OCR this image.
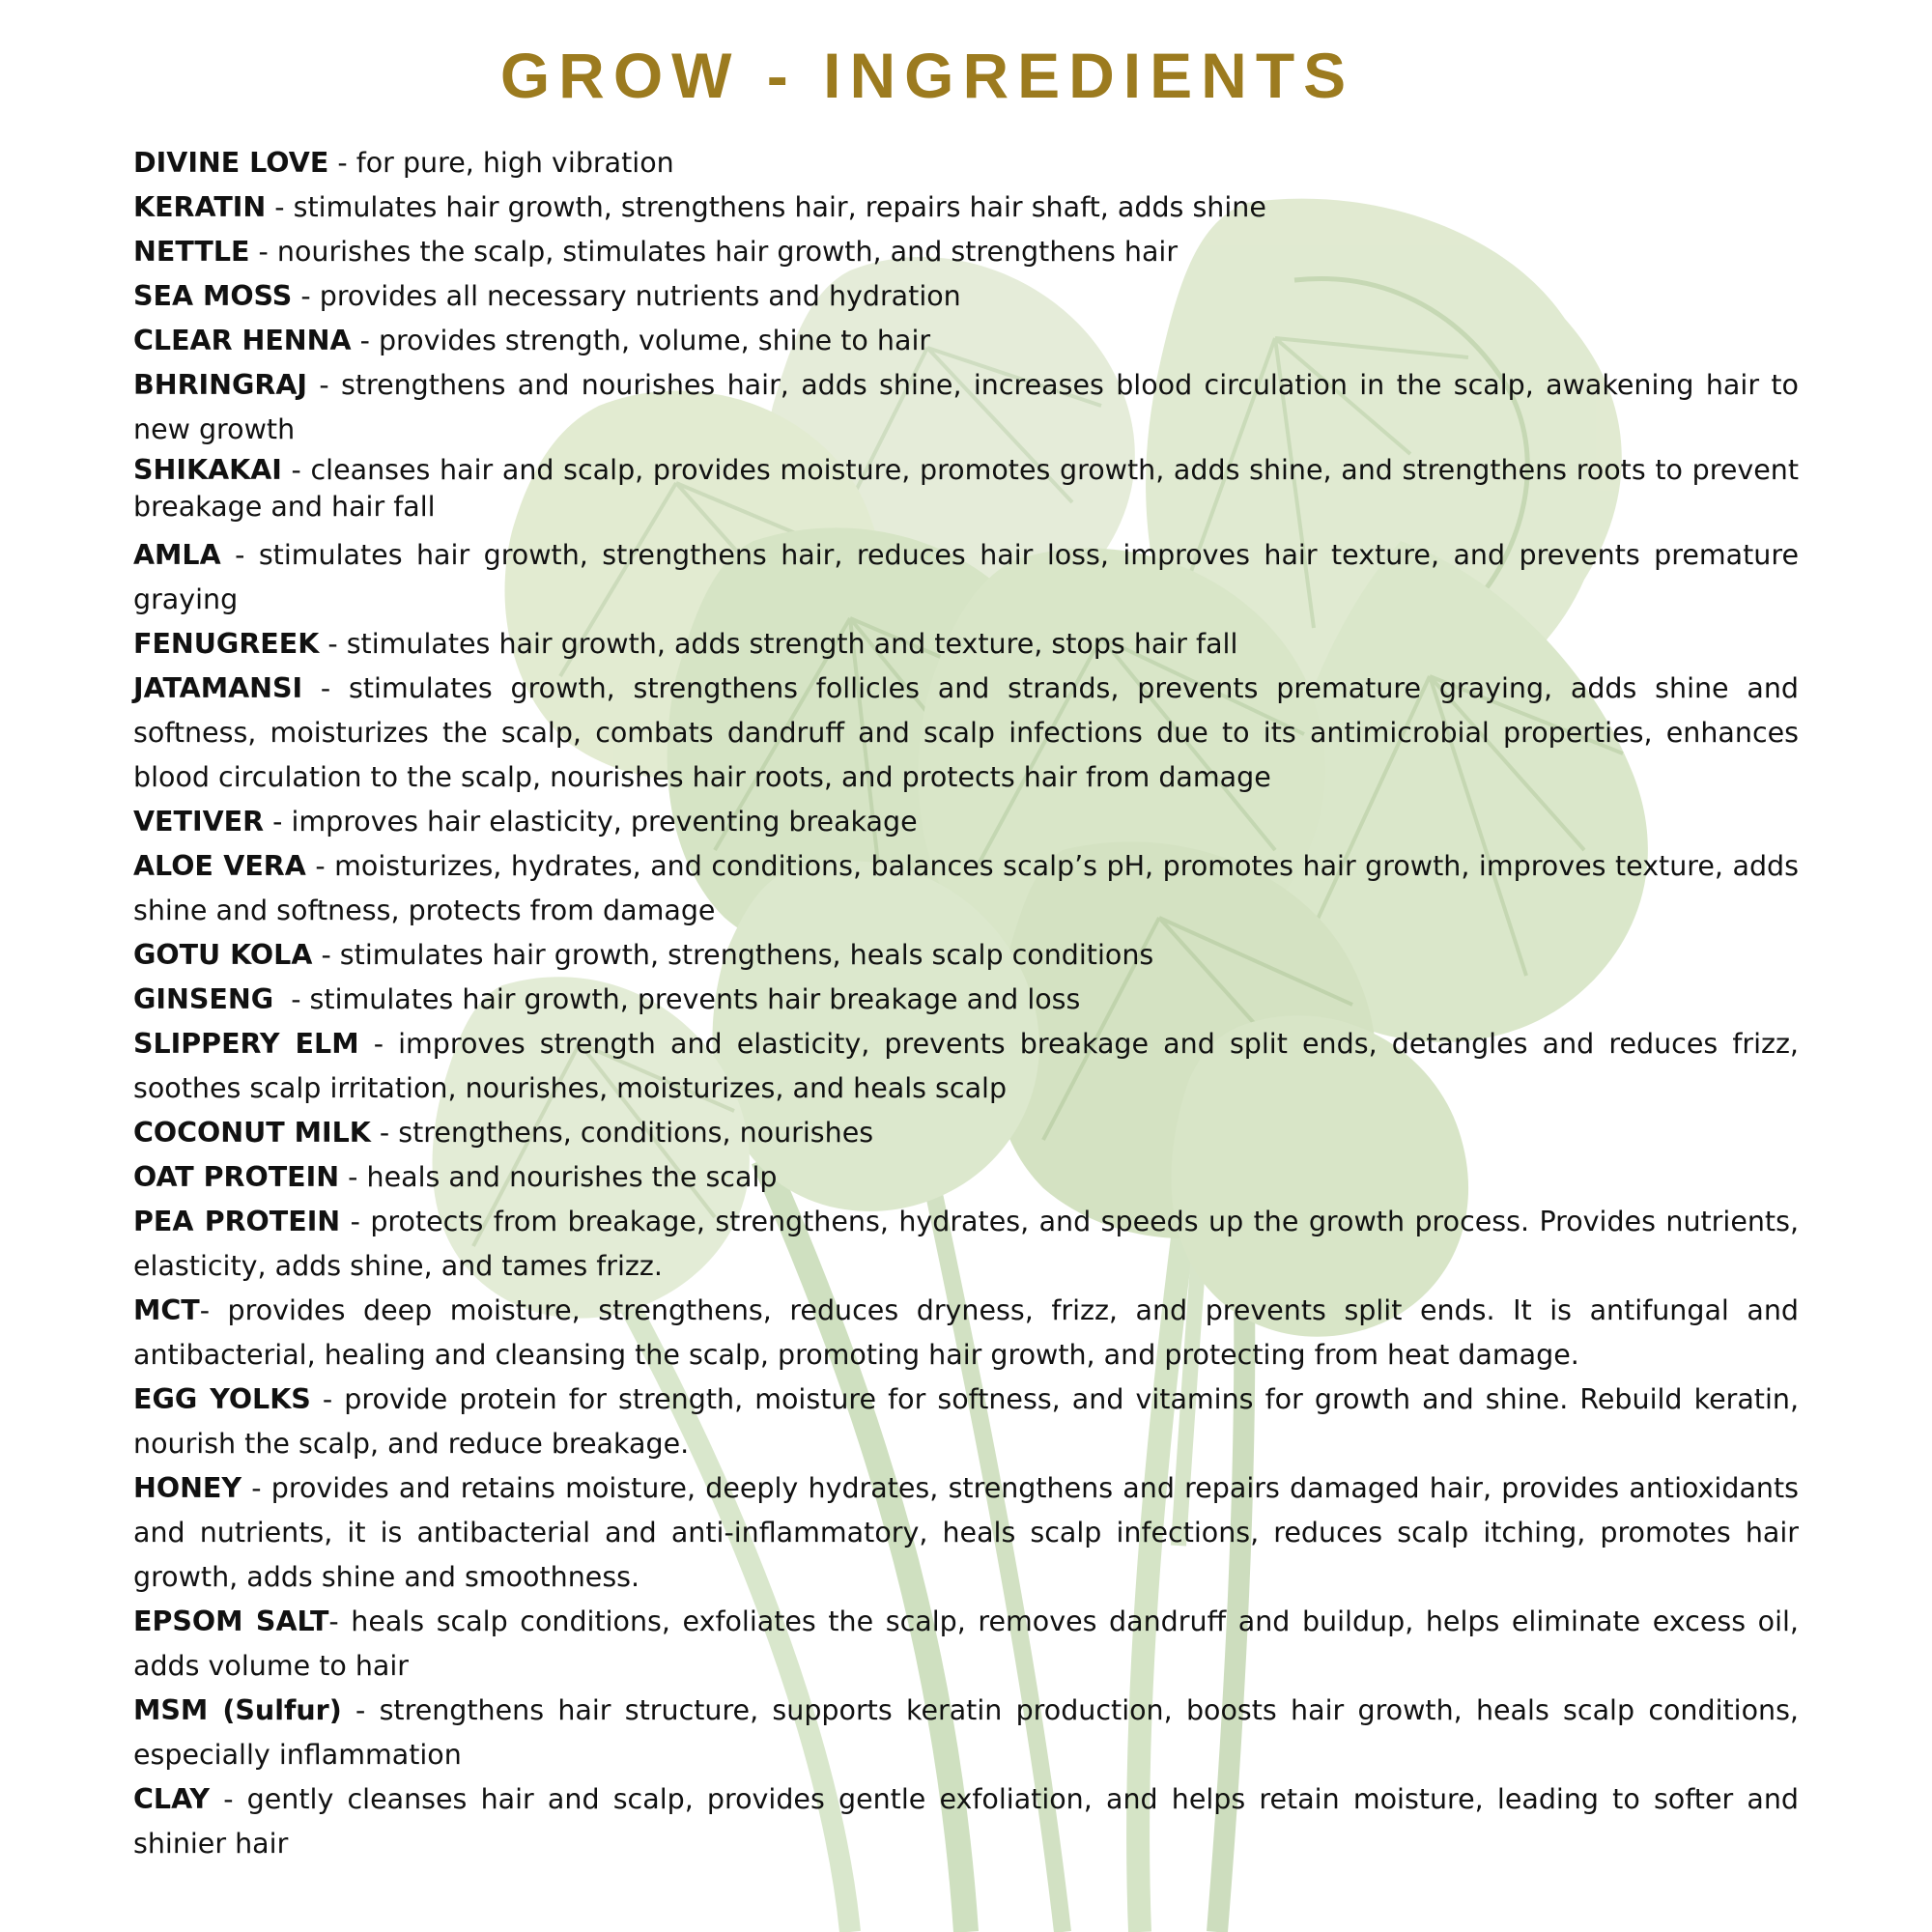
GROW - INGREDIENTS

DIVINE LOVE - for pure, high vibration

KERATIN - stimulates hair growth, strengthens hair, repairs hair shaft, adds shine

NETTLE - nourishes the scalp, stimulates hair growth, and strengthens hair

SEA MOSS - provides all necessary nutrients and hydration

CLEAR HENNA - provides strength, volume, shine to hair

BHRINGRAJ - strengthens and nourishes hair, adds shine, increases blood circulation in the scalp, awakening hair to new growth

SHIKAKAI - cleanses hair and scalp, provides moisture, promotes growth, adds shine, and strengthens roots to prevent breakage and hair fall

AMLA - stimulates hair growth, strengthens hair, reduces hair loss, improves hair texture, and prevents premature graying

FENUGREEK - stimulates hair growth, adds strength and texture, stops hair fall

JATAMANSI - stimulates growth, strengthens follicles and strands, prevents premature graying, adds shine and softness, moisturizes the scalp, combats dandruff and scalp infections due to its antimicrobial properties, enhances blood circulation to the scalp, nourishes hair roots, and protects hair from damage

VETIVER - improves hair elasticity, preventing breakage

ALOE VERA - moisturizes, hydrates, and conditions, balances scalp’s pH, promotes hair growth, improves texture, adds shine and softness, protects from damage

GOTU KOLA - stimulates hair growth, strengthens, heals scalp conditions

GINSENG  - stimulates hair growth, prevents hair breakage and loss

SLIPPERY ELM - improves strength and elasticity, prevents breakage and split ends, detangles and reduces frizz, soothes scalp irritation, nourishes, moisturizes, and heals scalp

COCONUT MILK - strengthens, conditions, nourishes

OAT PROTEIN - heals and nourishes the scalp

PEA PROTEIN - protects from breakage, strengthens, hydrates, and speeds up the growth process. Provides nutrients, elasticity, adds shine, and tames frizz.

MCT- provides deep moisture, strengthens, reduces dryness, frizz, and prevents split ends. It is antifungal and antibacterial, healing and cleansing the scalp, promoting hair growth, and protecting from heat damage.

EGG YOLKS - provide protein for strength, moisture for softness, and vitamins for growth and shine. Rebuild keratin, nourish the scalp, and reduce breakage.

HONEY - provides and retains moisture, deeply hydrates, strengthens and repairs damaged hair, provides antioxidants and nutrients, it is antibacterial and anti-inflammatory, heals scalp infections, reduces scalp itching, promotes hair growth, adds shine and smoothness.

EPSOM SALT- heals scalp conditions, exfoliates the scalp, removes dandruff and buildup, helps eliminate excess oil, adds volume to hair

MSM (Sulfur) - strengthens hair structure, supports keratin production, boosts hair growth, heals scalp conditions, especially inflammation

CLAY - gently cleanses hair and scalp, provides gentle exfoliation, and helps retain moisture, leading to softer and shinier hair
